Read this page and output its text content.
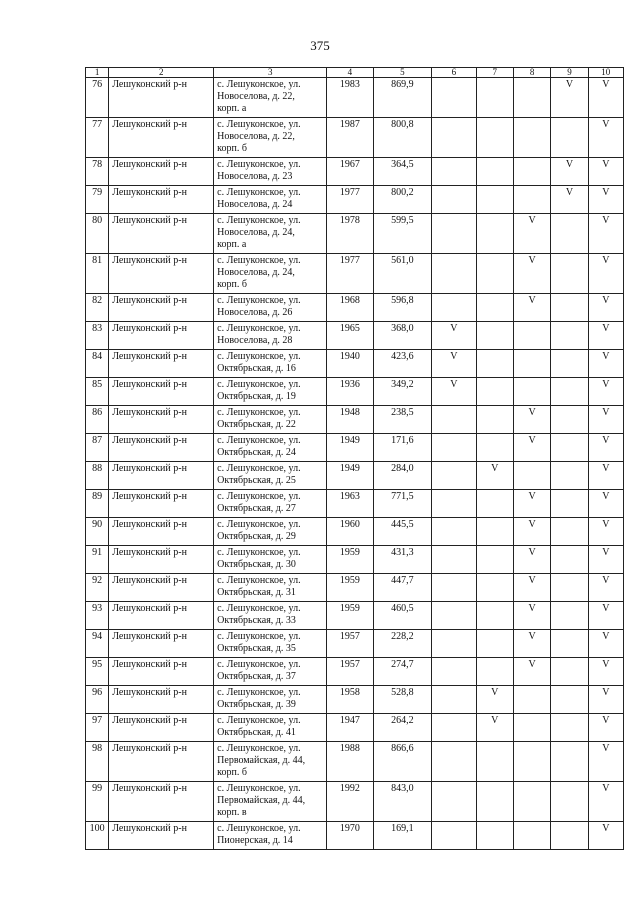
375
1	2	3	4	5	6	7	8	9	10
76	Лешуконский р-н	с. Лешуконское, ул.
Новоселова, д. 22,
корп. а	1983	869,9				V	V
77	Лешуконский р-н	с. Лешуконское, ул.
Новоселова, д. 22,
корп. б	1987	800,8					V
78	Лешуконский р-н	с. Лешуконское, ул.
Новоселова, д. 23	1967	364,5				V	V
79	Лешуконский р-н	с. Лешуконское, ул.
Новоселова, д. 24	1977	800,2				V	V
80	Лешуконский р-н	с. Лешуконское, ул.
Новоселова, д. 24,
корп. а	1978	599,5			V		V
81	Лешуконский р-н	с. Лешуконское, ул.
Новоселова, д. 24,
корп. б	1977	561,0			V		V
82	Лешуконский р-н	с. Лешуконское, ул.
Новоселова, д. 26	1968	596,8			V		V
83	Лешуконский р-н	с. Лешуконское, ул.
Новоселова, д. 28	1965	368,0	V				V
84	Лешуконский р-н	с. Лешуконское, ул.
Октябрьская, д. 16	1940	423,6	V				V
85	Лешуконский р-н	с. Лешуконское, ул.
Октябрьская, д. 19	1936	349,2	V				V
86	Лешуконский р-н	с. Лешуконское, ул.
Октябрьская, д. 22	1948	238,5			V		V
87	Лешуконский р-н	с. Лешуконское, ул.
Октябрьская, д. 24	1949	171,6			V		V
88	Лешуконский р-н	с. Лешуконское, ул.
Октябрьская, д. 25	1949	284,0		V			V
89	Лешуконский р-н	с. Лешуконское, ул.
Октябрьская, д. 27	1963	771,5			V		V
90	Лешуконский р-н	с. Лешуконское, ул.
Октябрьская, д. 29	1960	445,5			V		V
91	Лешуконский р-н	с. Лешуконское, ул.
Октябрьская, д. 30	1959	431,3			V		V
92	Лешуконский р-н	с. Лешуконское, ул.
Октябрьская, д. 31	1959	447,7			V		V
93	Лешуконский р-н	с. Лешуконское, ул.
Октябрьская, д. 33	1959	460,5			V		V
94	Лешуконский р-н	с. Лешуконское, ул.
Октябрьская, д. 35	1957	228,2			V		V
95	Лешуконский р-н	с. Лешуконское, ул.
Октябрьская, д. 37	1957	274,7			V		V
96	Лешуконский р-н	с. Лешуконское, ул.
Октябрьская, д. 39	1958	528,8		V			V
97	Лешуконский р-н	с. Лешуконское, ул.
Октябрьская, д. 41	1947	264,2		V			V
98	Лешуконский р-н	с. Лешуконское, ул.
Первомайская, д. 44,
корп. б	1988	866,6					V
99	Лешуконский р-н	с. Лешуконское, ул.
Первомайская, д. 44,
корп. в	1992	843,0					V
100	Лешуконский р-н	с. Лешуконское, ул.
Пионерская, д. 14	1970	169,1					V
